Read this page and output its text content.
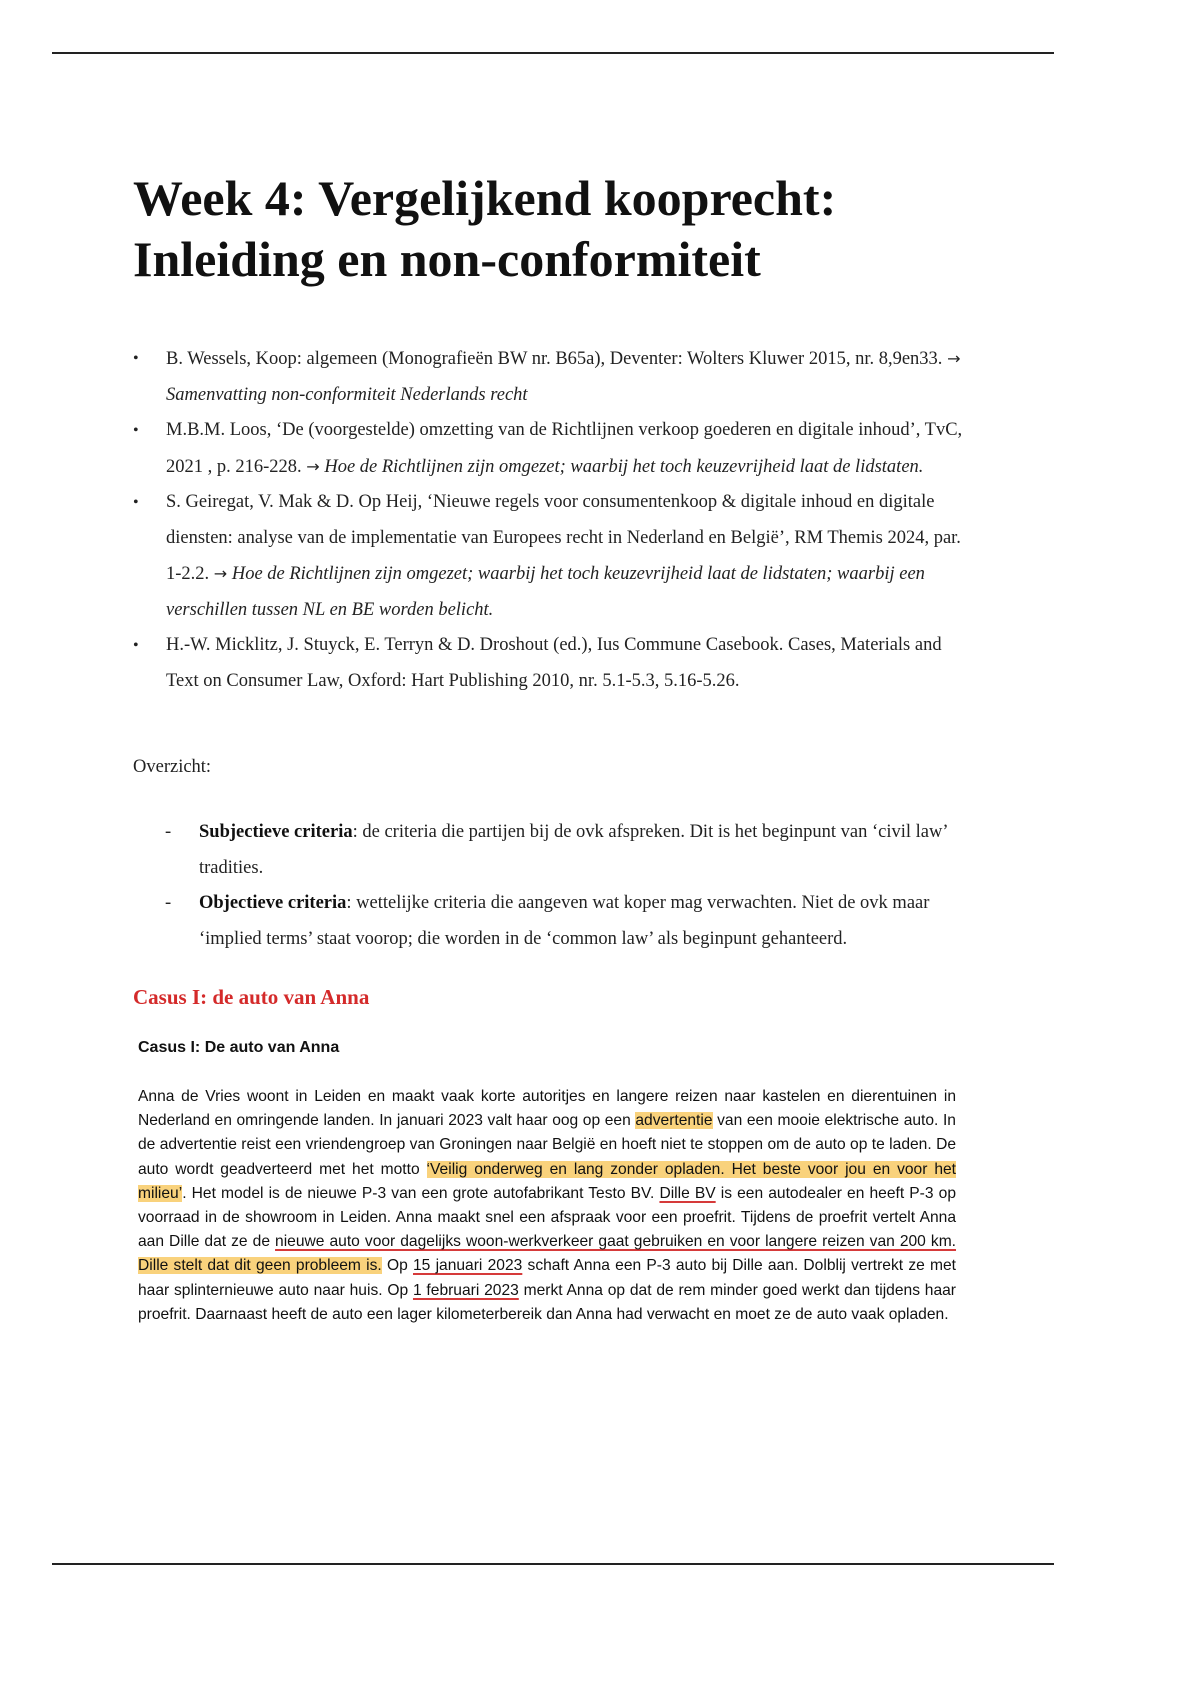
Week 4: Vergelijkend kooprecht: Inleiding en non-conformiteit
• B. Wessels, Koop: algemeen (Monografieën BW nr. B65a), Deventer: Wolters Kluwer 2015, nr. 8,9en33. → Samenvatting non-conformiteit Nederlands recht
• M.B.M. Loos, ‘De (voorgestelde) omzetting van de Richtlijnen verkoop goederen en digitale inhoud’, TvC, 2021 , p. 216-228. → Hoe de Richtlijnen zijn omgezet; waarbij het toch keuzevrijheid laat de lidstaten.
• S. Geiregat, V. Mak & D. Op Heij, ‘Nieuwe regels voor consumentenkoop & digitale inhoud en digitale diensten: analyse van de implementatie van Europees recht in Nederland en België’, RM Themis 2024, par. 1-2.2. → Hoe de Richtlijnen zijn omgezet; waarbij het toch keuzevrijheid laat de lidstaten; waarbij een verschillen tussen NL en BE worden belicht.
• H.-W. Micklitz, J. Stuyck, E. Terryn & D. Droshout (ed.), Ius Commune Casebook. Cases, Materials and Text on Consumer Law, Oxford: Hart Publishing 2010, nr. 5.1-5.3, 5.16-5.26.
Overzicht:
- Subjectieve criteria: de criteria die partijen bij de ovk afspreken. Dit is het beginpunt van ‘civil law’ tradities.
- Objectieve criteria: wettelijke criteria die aangeven wat koper mag verwachten. Niet de ovk maar ‘implied terms’ staat voorop; die worden in de ‘common law’ als beginpunt gehanteerd.
Casus I: de auto van Anna
Casus I: De auto van Anna

Anna de Vries woont in Leiden en maakt vaak korte autoritjes en langere reizen naar kastelen en dierentuinen in Nederland en omringende landen. In januari 2023 valt haar oog op een advertentie van een mooie elektrische auto. In de advertentie reist een vriendengroep van Groningen naar België en hoeft niet te stoppen om de auto op te laden. De auto wordt geadverteerd met het motto ‘Veilig onderweg en lang zonder opladen. Het beste voor jou en voor het milieu’. Het model is de nieuwe P-3 van een grote autofabrikant Testo BV. Dille BV is een autodealer en heeft P-3 op voorraad in de showroom in Leiden. Anna maakt snel een afspraak voor een proefrit. Tijdens de proefrit vertelt Anna aan Dille dat ze de nieuwe auto voor dagelijks woon-werkverkeer gaat gebruiken en voor langere reizen van 200 km. Dille stelt dat dit geen probleem is. Op 15 januari 2023 schaft Anna een P-3 auto bij Dille aan. Dolblij vertrekt ze met haar splinternieuwe auto naar huis. Op 1 februari 2023 merkt Anna op dat de rem minder goed werkt dan tijdens haar proefrit. Daarnaast heeft de auto een lager kilometerbereik dan Anna had verwacht en moet ze de auto vaak opladen.
